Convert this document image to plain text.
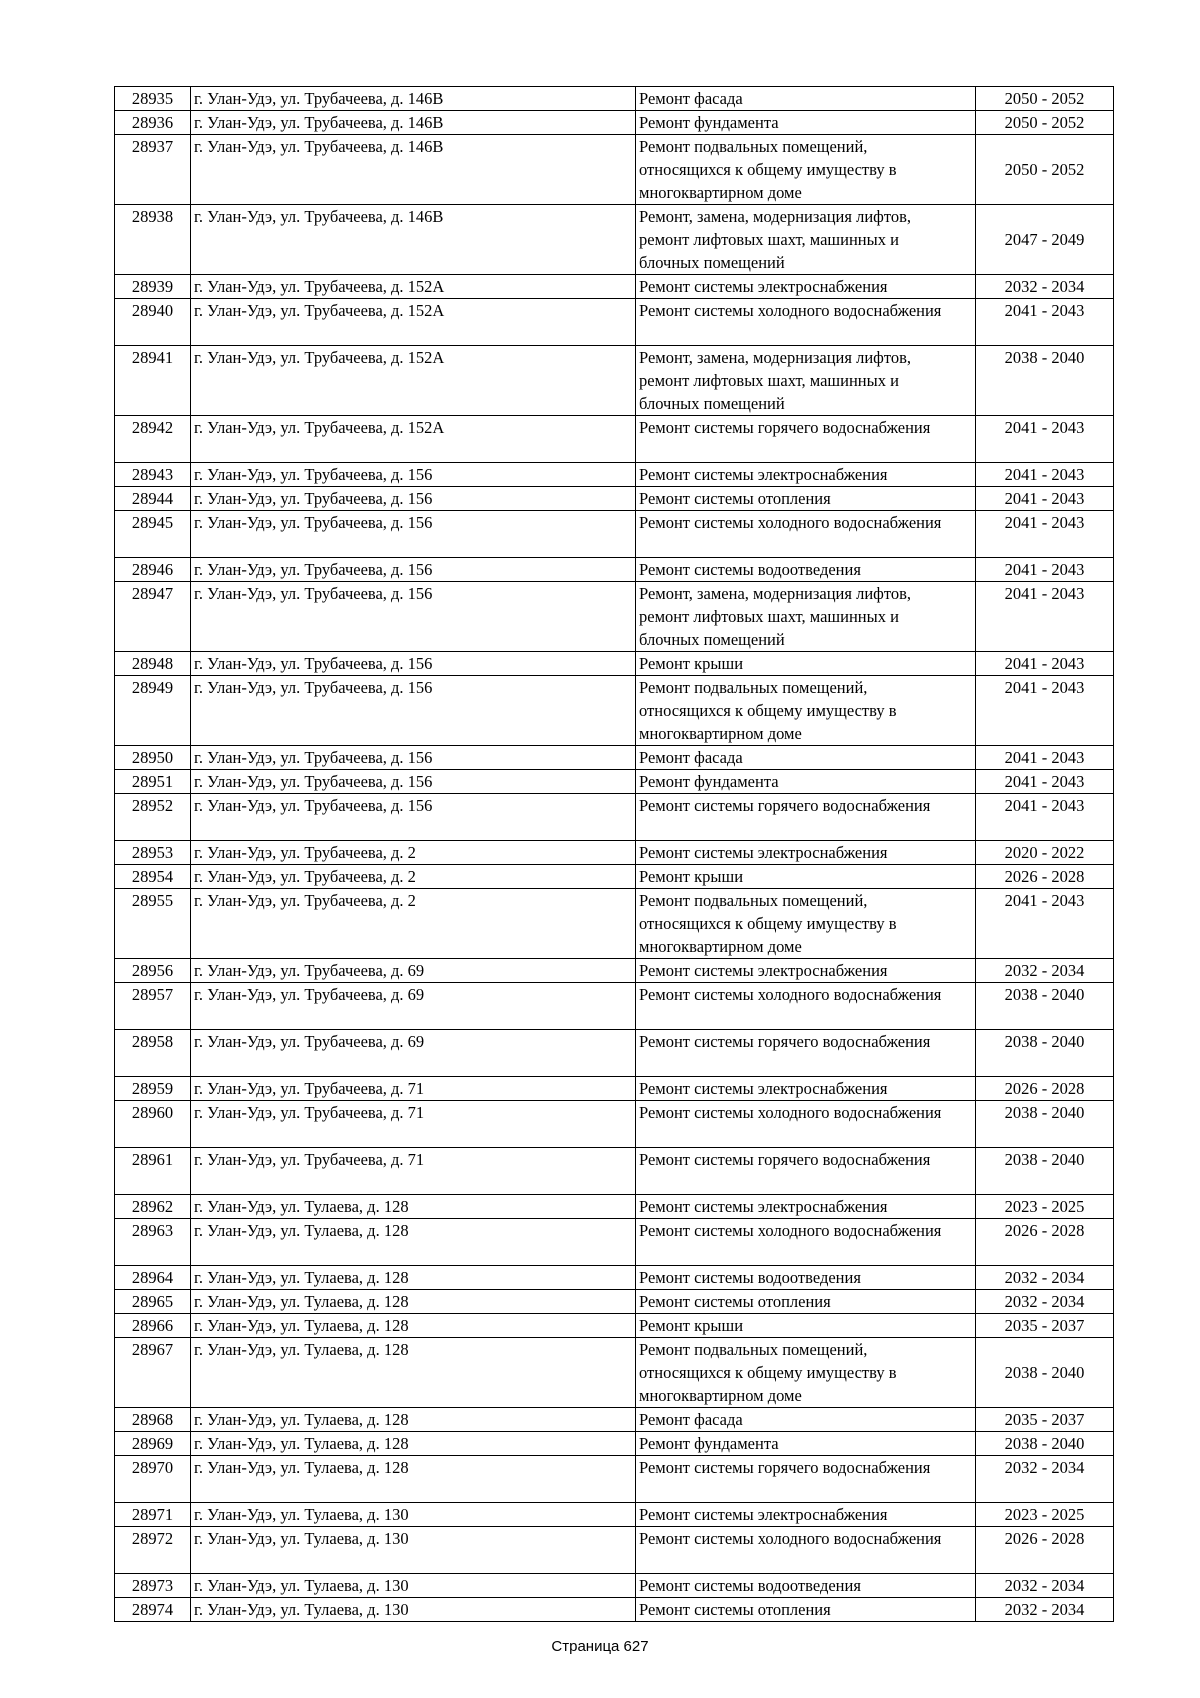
28935	г. Улан-Удэ, ул. Трубачеева, д. 146В	Ремонт фасада	2050 - 2052
28936	г. Улан-Удэ, ул. Трубачеева, д. 146В	Ремонт фундамента	2050 - 2052
28937	г. Улан-Удэ, ул. Трубачеева, д. 146В	Ремонт подвальных помещений,
относящихся к общему имуществу в
многоквартирном доме	2050 - 2052
28938	г. Улан-Удэ, ул. Трубачеева, д. 146В	Ремонт, замена, модернизация лифтов,
ремонт лифтовых шахт, машинных и
блочных помещений	2047 - 2049
28939	г. Улан-Удэ, ул. Трубачеева, д. 152А	Ремонт системы электроснабжения	2032 - 2034
28940	г. Улан-Удэ, ул. Трубачеева, д. 152А	Ремонт системы холодного водоснабжения	2041 - 2043
28941	г. Улан-Удэ, ул. Трубачеева, д. 152А	Ремонт, замена, модернизация лифтов,
ремонт лифтовых шахт, машинных и
блочных помещений	2038 - 2040
28942	г. Улан-Удэ, ул. Трубачеева, д. 152А	Ремонт системы горячего водоснабжения	2041 - 2043
28943	г. Улан-Удэ, ул. Трубачеева, д. 156	Ремонт системы электроснабжения	2041 - 2043
28944	г. Улан-Удэ, ул. Трубачеева, д. 156	Ремонт системы отопления	2041 - 2043
28945	г. Улан-Удэ, ул. Трубачеева, д. 156	Ремонт системы холодного водоснабжения	2041 - 2043
28946	г. Улан-Удэ, ул. Трубачеева, д. 156	Ремонт системы водоотведения	2041 - 2043
28947	г. Улан-Удэ, ул. Трубачеева, д. 156	Ремонт, замена, модернизация лифтов,
ремонт лифтовых шахт, машинных и
блочных помещений	2041 - 2043
28948	г. Улан-Удэ, ул. Трубачеева, д. 156	Ремонт крыши	2041 - 2043
28949	г. Улан-Удэ, ул. Трубачеева, д. 156	Ремонт подвальных помещений,
относящихся к общему имуществу в
многоквартирном доме	2041 - 2043
28950	г. Улан-Удэ, ул. Трубачеева, д. 156	Ремонт фасада	2041 - 2043
28951	г. Улан-Удэ, ул. Трубачеева, д. 156	Ремонт фундамента	2041 - 2043
28952	г. Улан-Удэ, ул. Трубачеева, д. 156	Ремонт системы горячего водоснабжения	2041 - 2043
28953	г. Улан-Удэ, ул. Трубачеева, д. 2	Ремонт системы электроснабжения	2020 - 2022
28954	г. Улан-Удэ, ул. Трубачеева, д. 2	Ремонт крыши	2026 - 2028
28955	г. Улан-Удэ, ул. Трубачеева, д. 2	Ремонт подвальных помещений,
относящихся к общему имуществу в
многоквартирном доме	2041 - 2043
28956	г. Улан-Удэ, ул. Трубачеева, д. 69	Ремонт системы электроснабжения	2032 - 2034
28957	г. Улан-Удэ, ул. Трубачеева, д. 69	Ремонт системы холодного водоснабжения	2038 - 2040
28958	г. Улан-Удэ, ул. Трубачеева, д. 69	Ремонт системы горячего водоснабжения	2038 - 2040
28959	г. Улан-Удэ, ул. Трубачеева, д. 71	Ремонт системы электроснабжения	2026 - 2028
28960	г. Улан-Удэ, ул. Трубачеева, д. 71	Ремонт системы холодного водоснабжения	2038 - 2040
28961	г. Улан-Удэ, ул. Трубачеева, д. 71	Ремонт системы горячего водоснабжения	2038 - 2040
28962	г. Улан-Удэ, ул. Тулаева, д. 128	Ремонт системы электроснабжения	2023 - 2025
28963	г. Улан-Удэ, ул. Тулаева, д. 128	Ремонт системы холодного водоснабжения	2026 - 2028
28964	г. Улан-Удэ, ул. Тулаева, д. 128	Ремонт системы водоотведения	2032 - 2034
28965	г. Улан-Удэ, ул. Тулаева, д. 128	Ремонт системы отопления	2032 - 2034
28966	г. Улан-Удэ, ул. Тулаева, д. 128	Ремонт крыши	2035 - 2037
28967	г. Улан-Удэ, ул. Тулаева, д. 128	Ремонт подвальных помещений,
относящихся к общему имуществу в
многоквартирном доме	2038 - 2040
28968	г. Улан-Удэ, ул. Тулаева, д. 128	Ремонт фасада	2035 - 2037
28969	г. Улан-Удэ, ул. Тулаева, д. 128	Ремонт фундамента	2038 - 2040
28970	г. Улан-Удэ, ул. Тулаева, д. 128	Ремонт системы горячего водоснабжения	2032 - 2034
28971	г. Улан-Удэ, ул. Тулаева, д. 130	Ремонт системы электроснабжения	2023 - 2025
28972	г. Улан-Удэ, ул. Тулаева, д. 130	Ремонт системы холодного водоснабжения	2026 - 2028
28973	г. Улан-Удэ, ул. Тулаева, д. 130	Ремонт системы водоотведения	2032 - 2034
28974	г. Улан-Удэ, ул. Тулаева, д. 130	Ремонт системы отопления	2032 - 2034
Страница 627
